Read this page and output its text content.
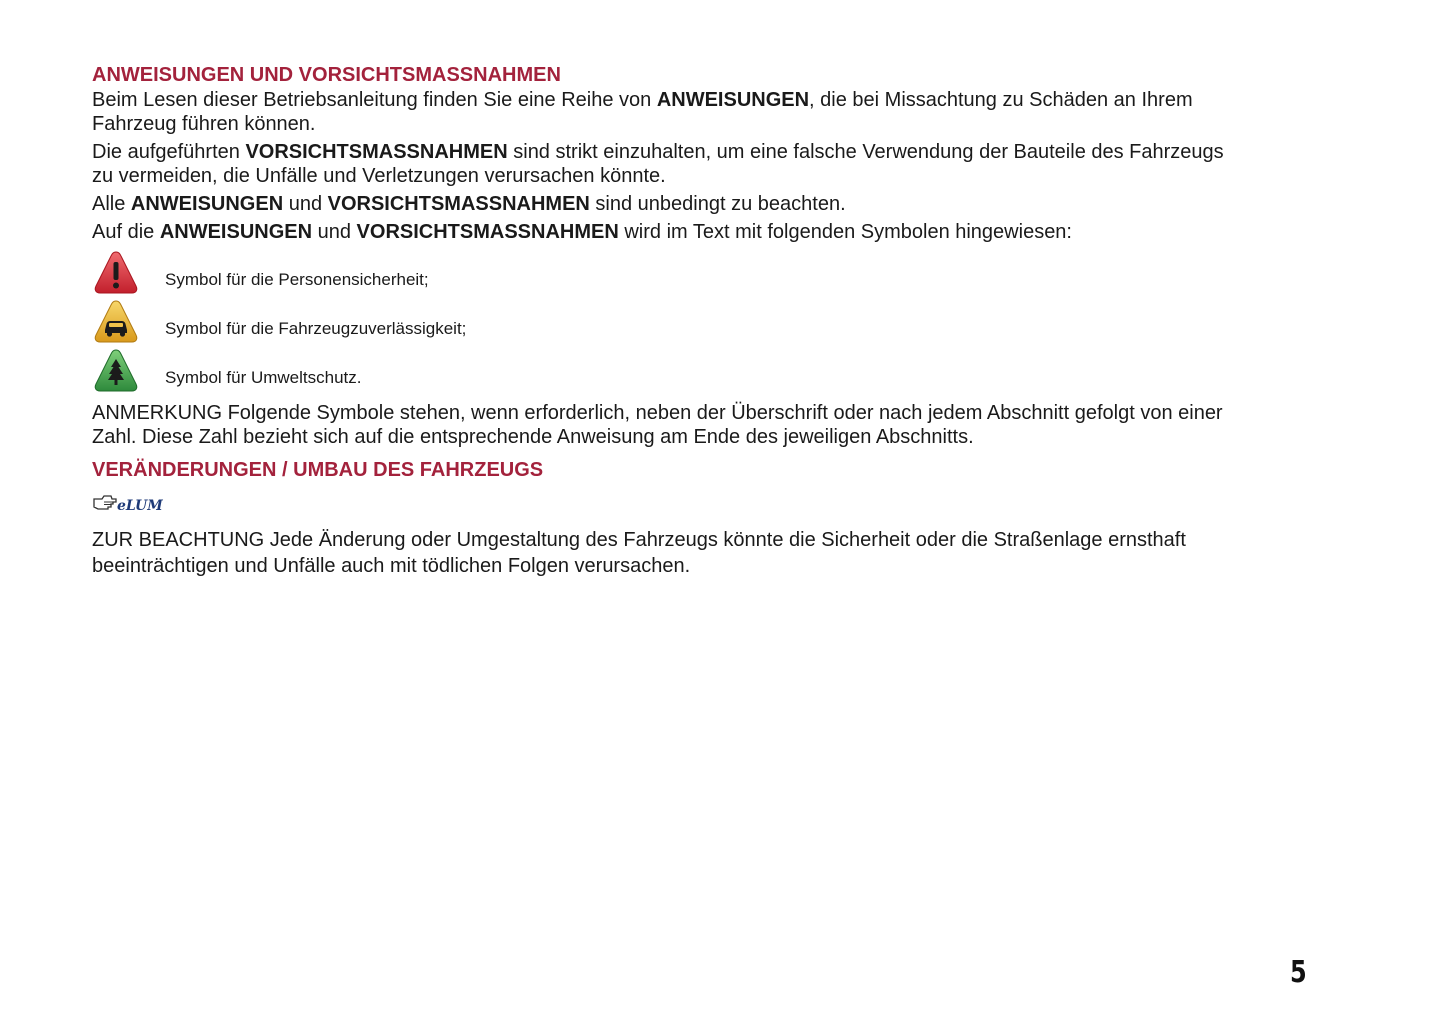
ANWEISUNGEN UND VORSICHTSMASSNAHMEN

Beim Lesen dieser Betriebsanleitung finden Sie eine Reihe von ANWEISUNGEN, die bei Missachtung zu Schäden an Ihrem Fahrzeug führen können.

Die aufgeführten VORSICHTSMASSNAHMEN sind strikt einzuhalten, um eine falsche Verwendung der Bauteile des Fahrzeugs zu vermeiden, die Unfälle und Verletzungen verursachen könnte.

Alle ANWEISUNGEN und VORSICHTSMASSNAHMEN sind unbedingt zu beachten.

Auf die ANWEISUNGEN und VORSICHTSMASSNAHMEN wird im Text mit folgenden Symbolen hingewiesen:

Symbol für die Personensicherheit;
Symbol für die Fahrzeugzuverlässigkeit;
Symbol für Umweltschutz.

ANMERKUNG Folgende Symbole stehen, wenn erforderlich, neben der Überschrift oder nach jedem Abschnitt gefolgt von einer Zahl. Diese Zahl bezieht sich auf die entsprechende Anweisung am Ende des jeweiligen Abschnitts.

VERÄNDERUNGEN / UMBAU DES FAHRZEUGS
eLUM

ZUR BEACHTUNG Jede Änderung oder Umgestaltung des Fahrzeugs könnte die Sicherheit oder die Straßenlage ernsthaft beeinträchtigen und Unfälle auch mit tödlichen Folgen verursachen.

5
